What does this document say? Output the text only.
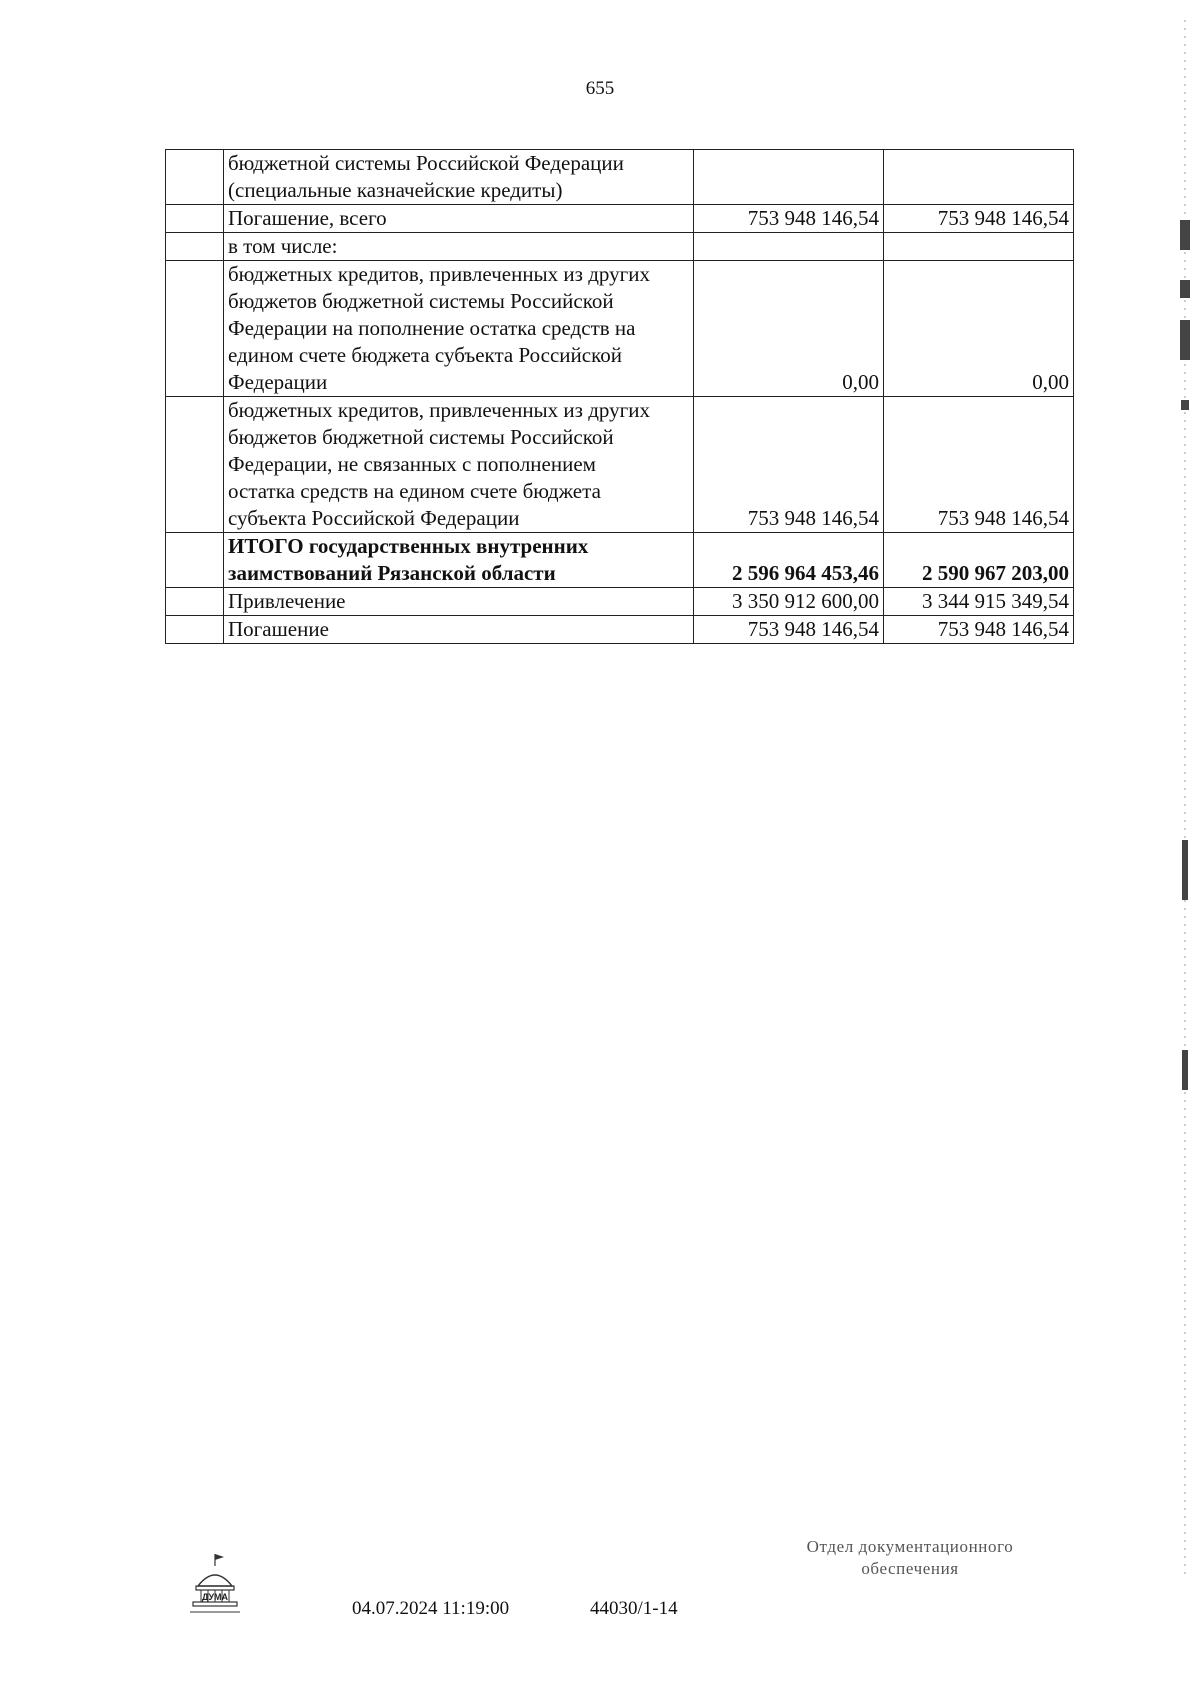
655

	бюджетной системы Российской Федерации
(специальные казначейские кредиты)		

	Погашение, всего	753 948 146,54	753 948 146,54

	в том числе:		

	бюджетных кредитов, привлеченных из других
бюджетов бюджетной системы Российской
Федерации на пополнение остатка средств на
едином счете бюджета субъекта Российской
Федерации	0,00	0,00

	бюджетных кредитов, привлеченных из других
бюджетов бюджетной системы Российской
Федерации, не связанных с пополнением
остатка средств на едином счете бюджета
субъекта Российской Федерации	753 948 146,54	753 948 146,54

	ИТОГО государственных внутренних
заимствований Рязанской области	2 596 964 453,46	2 590 967 203,00

	Привлечение	3 350 912 600,00	3 344 915 349,54

	Погашение	753 948 146,54	753 948 146,54
ДУМА
04.07.2024 11:19:00	44030/1-14
Отдел документационного
обеспечения
